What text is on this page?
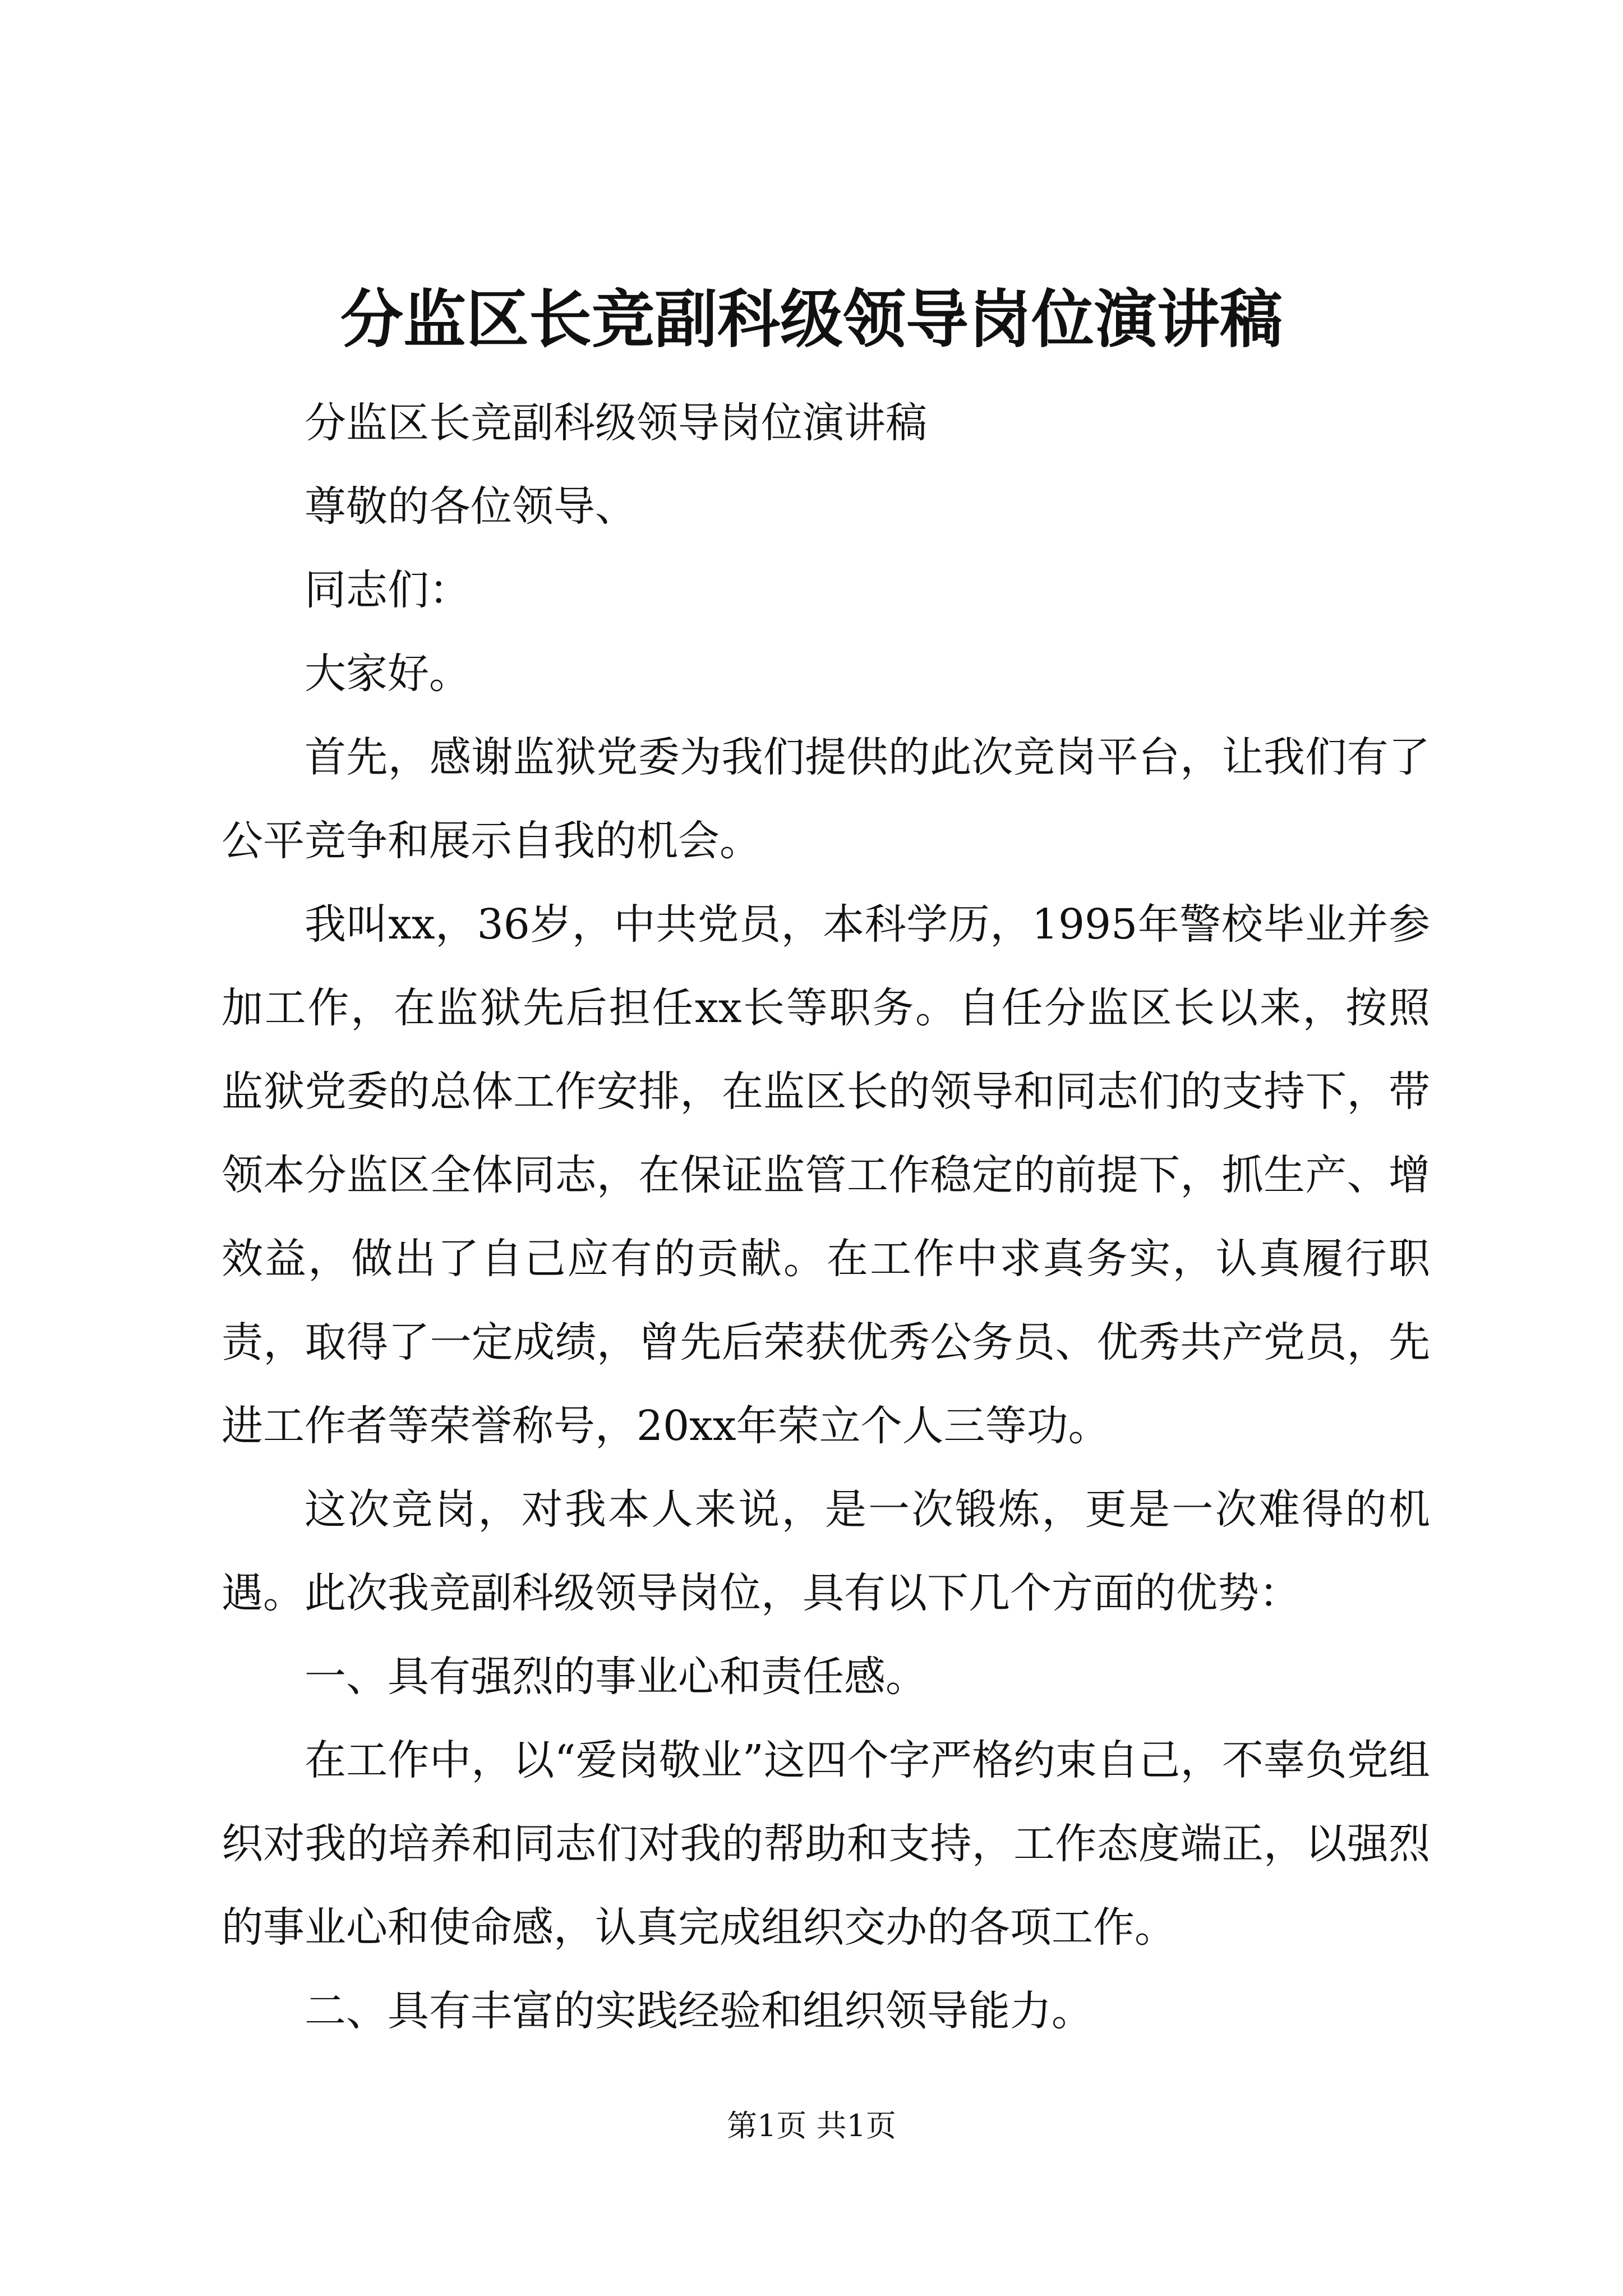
分监区长竞副科级领导岗位演讲稿

分监区长竞副科级领导岗位演讲稿

尊敬的各位领导、

同志们：

大家好。

首先，感谢监狱党委为我们提供的此次竞岗平台，让我们有了公平竞争和展示自我的机会。

我叫xx，36岁，中共党员，本科学历，1995年警校毕业并参加工作，在监狱先后担任xx长等职务。自任分监区长以来，按照监狱党委的总体工作安排，在监区长的领导和同志们的支持下，带领本分监区全体同志，在保证监管工作稳定的前提下，抓生产、增效益，做出了自己应有的贡献。在工作中求真务实，认真履行职责，取得了一定成绩，曾先后荣获优秀公务员、优秀共产党员，先进工作者等荣誉称号，20xx年荣立个人三等功。

这次竞岗，对我本人来说，是一次锻炼，更是一次难得的机遇。此次我竞副科级领导岗位，具有以下几个方面的优势：

一、具有强烈的事业心和责任感。

在工作中，以“爱岗敬业”这四个字严格约束自己，不辜负党组织对我的培养和同志们对我的帮助和支持，工作态度端正，以强烈的事业心和使命感，认真完成组织交办的各项工作。

二、具有丰富的实践经验和组织领导能力。

第1页 共1页
